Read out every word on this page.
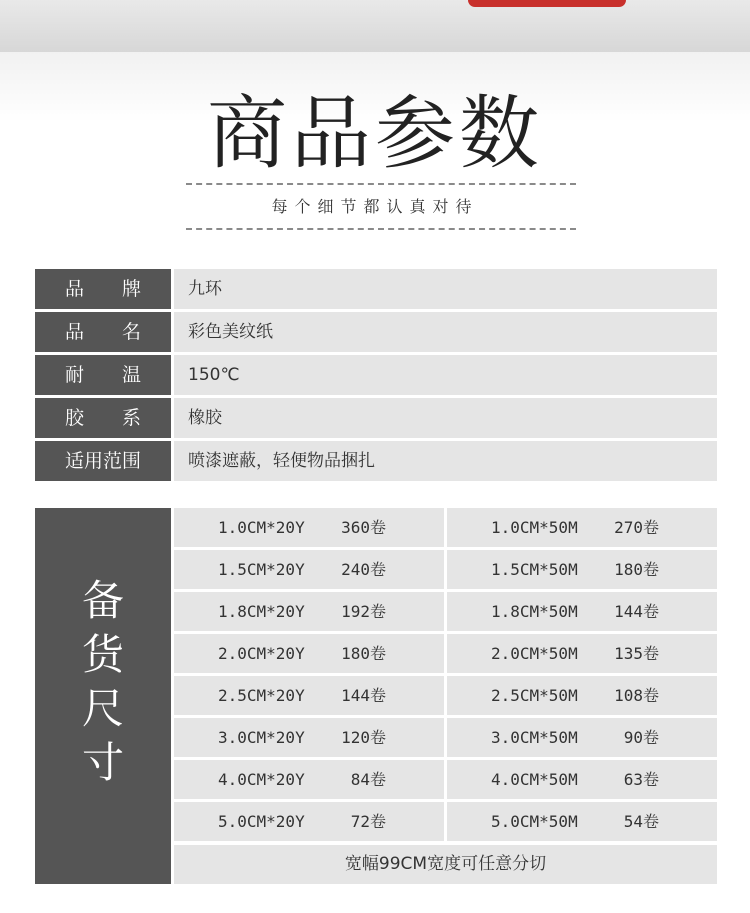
商品参数
每个细节都认真对待
品　　牌	九环
品　　名	彩色美纹纸
耐　　温	150℃
胶　　系	橡胶
适用范围	喷漆遮蔽，轻便物品捆扎
备
货
尺
寸
1.0CM*20Y 360卷	1.0CM*50M 270卷
1.5CM*20Y 240卷	1.5CM*50M 180卷
1.8CM*20Y 192卷	1.8CM*50M 144卷
2.0CM*20Y 180卷	2.0CM*50M 135卷
2.5CM*20Y 144卷	2.5CM*50M 108卷
3.0CM*20Y 120卷	3.0CM*50M	90卷
4.0CM*20Y	84卷	4.0CM*50M	63卷
5.0CM*20Y	72卷	5.0CM*50M	54卷
宽幅99CM宽度可任意分切
